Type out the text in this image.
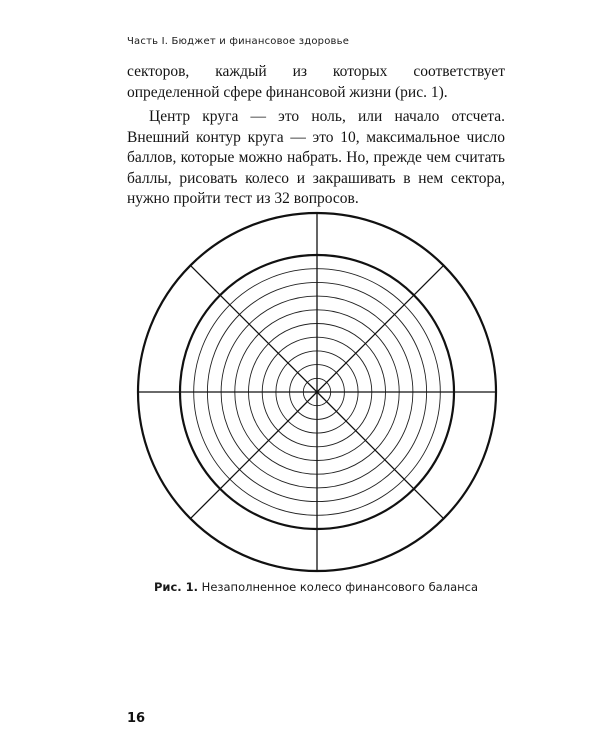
Часть I. Бюджет и финансовое здоровье

секторов, каждый из которых соответствует определенной сфере финансовой жизни (рис. 1).

Центр круга — это ноль, или начало отсчета. Внешний контур круга — это 10, максимальное число баллов, которые можно набрать. Но, прежде чем считать баллы, рисовать колесо и закрашивать в нем сектора, нужно пройти тест из 32 вопросов.

Рис. 1. Незаполненное колесо финансового баланса
16
